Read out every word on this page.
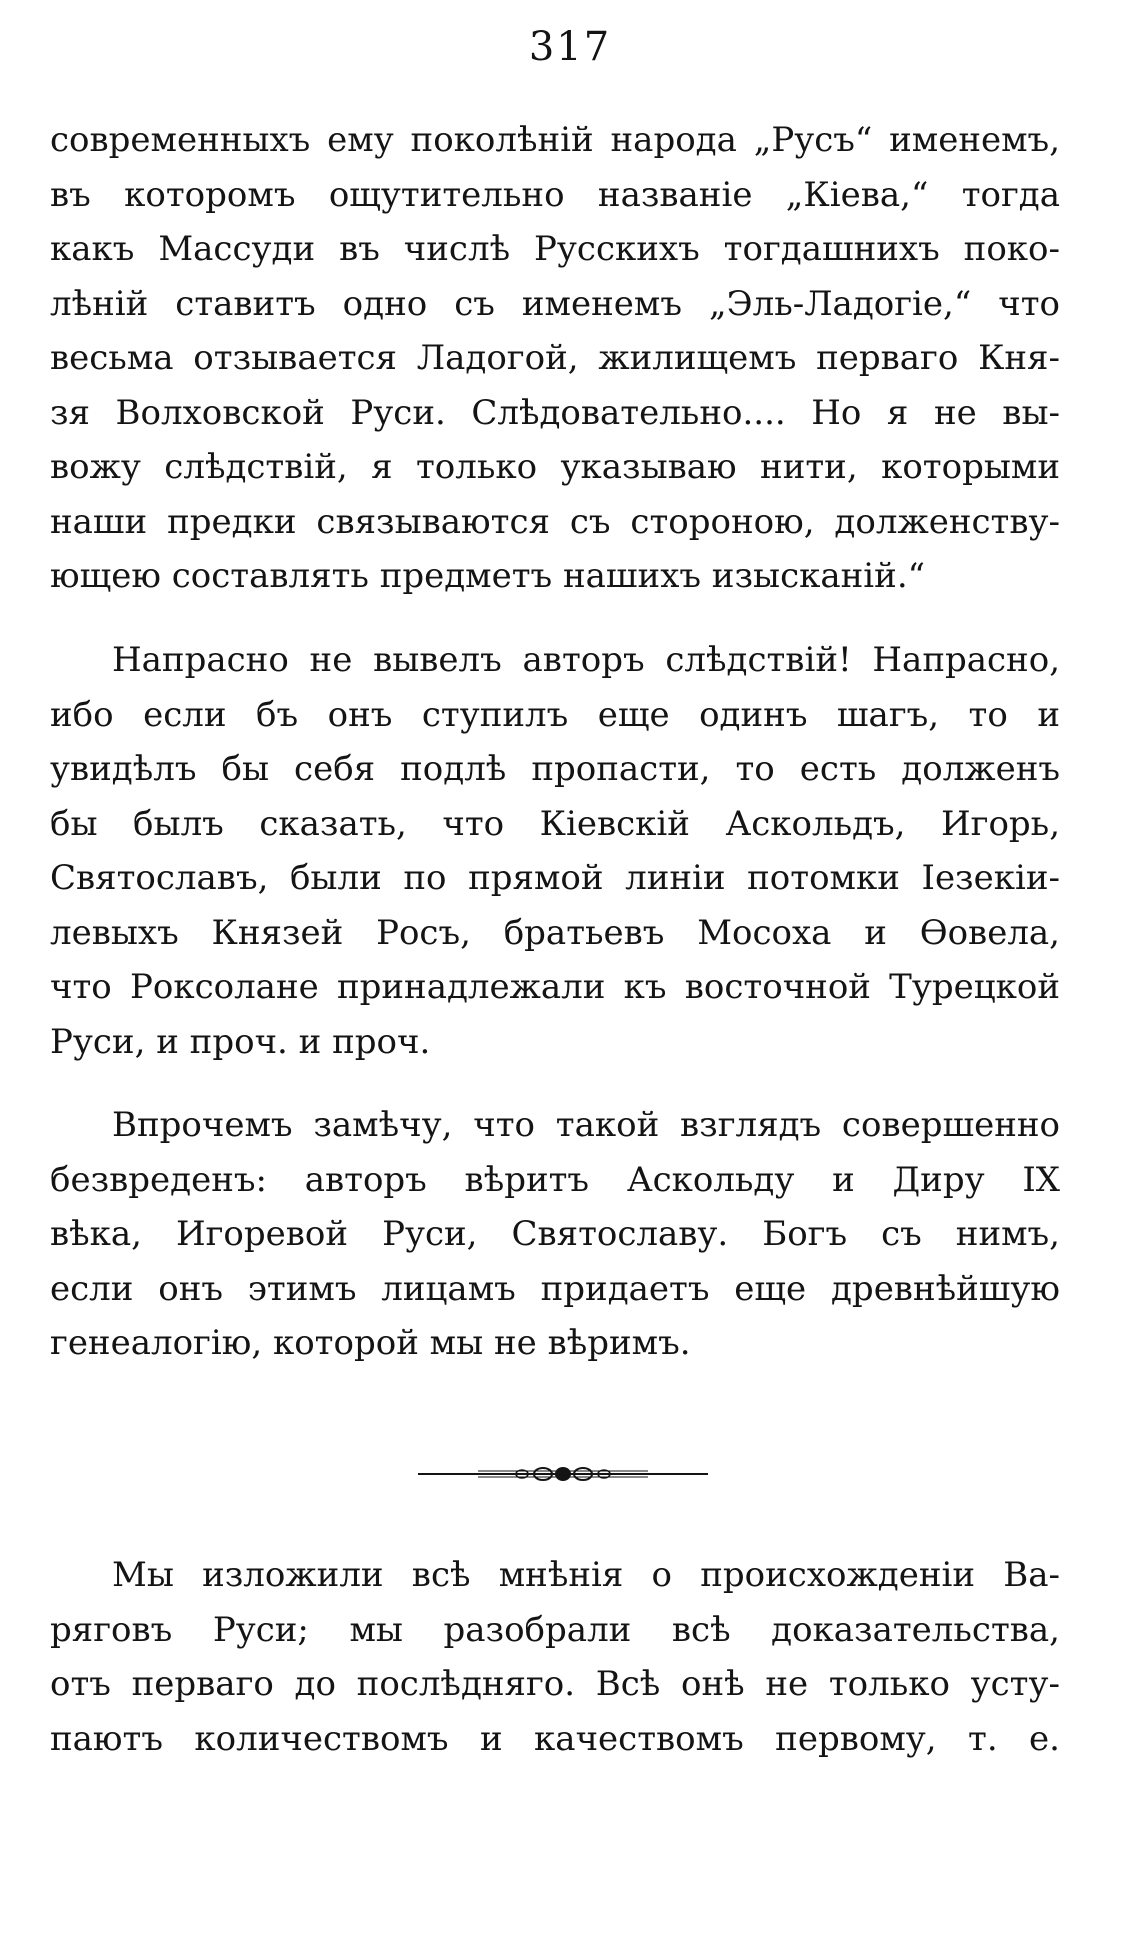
317
современныхъ ему поколѣній народа „Русъ“ именемъ,
въ которомъ ощутительно названіе „Кіева,“ тогда
какъ Массуди въ числѣ Русскихъ тогдашнихъ поко-
лѣній ставитъ одно съ именемъ „Эль-Ладогіе,“ что
весьма отзывается Ладогой, жилищемъ перваго Кня-
зя Волховской Руси. Слѣдовательно.... Но я не вы-
вожу слѣдствій, я только указываю нити, которыми
наши предки связываются съ стороною, долженству-
ющею составлять предметъ нашихъ изысканій.“
Напрасно не вывелъ авторъ слѣдствій! Напрасно,
ибо если бъ онъ ступилъ еще одинъ шагъ, то и
увидѣлъ бы себя подлѣ пропасти, то есть долженъ
бы былъ сказать, что Кіевскій Аскольдъ, Игорь,
Святославъ, были по прямой линіи потомки Іезекіи-
левыхъ Князей Росъ, братьевъ Мосоха и Ѳовела,
что Роксолане принадлежали къ восточной Турецкой
Руси, и проч. и проч.
Впрочемъ замѣчу, что такой взглядъ совершенно
безвреденъ: авторъ вѣритъ Аскольду и Диру IX
вѣка, Игоревой Руси, Святославу. Богъ съ нимъ,
если онъ этимъ лицамъ придаетъ еще древнѣйшую
генеалогію, которой мы не вѣримъ.
Мы изложили всѣ мнѣнія о происхожденіи Ва-
ряговъ Руси; мы разобрали всѣ доказательства,
отъ перваго до послѣдняго. Всѣ онѣ не только усту-
паютъ количествомъ и качествомъ первому, т. е.
